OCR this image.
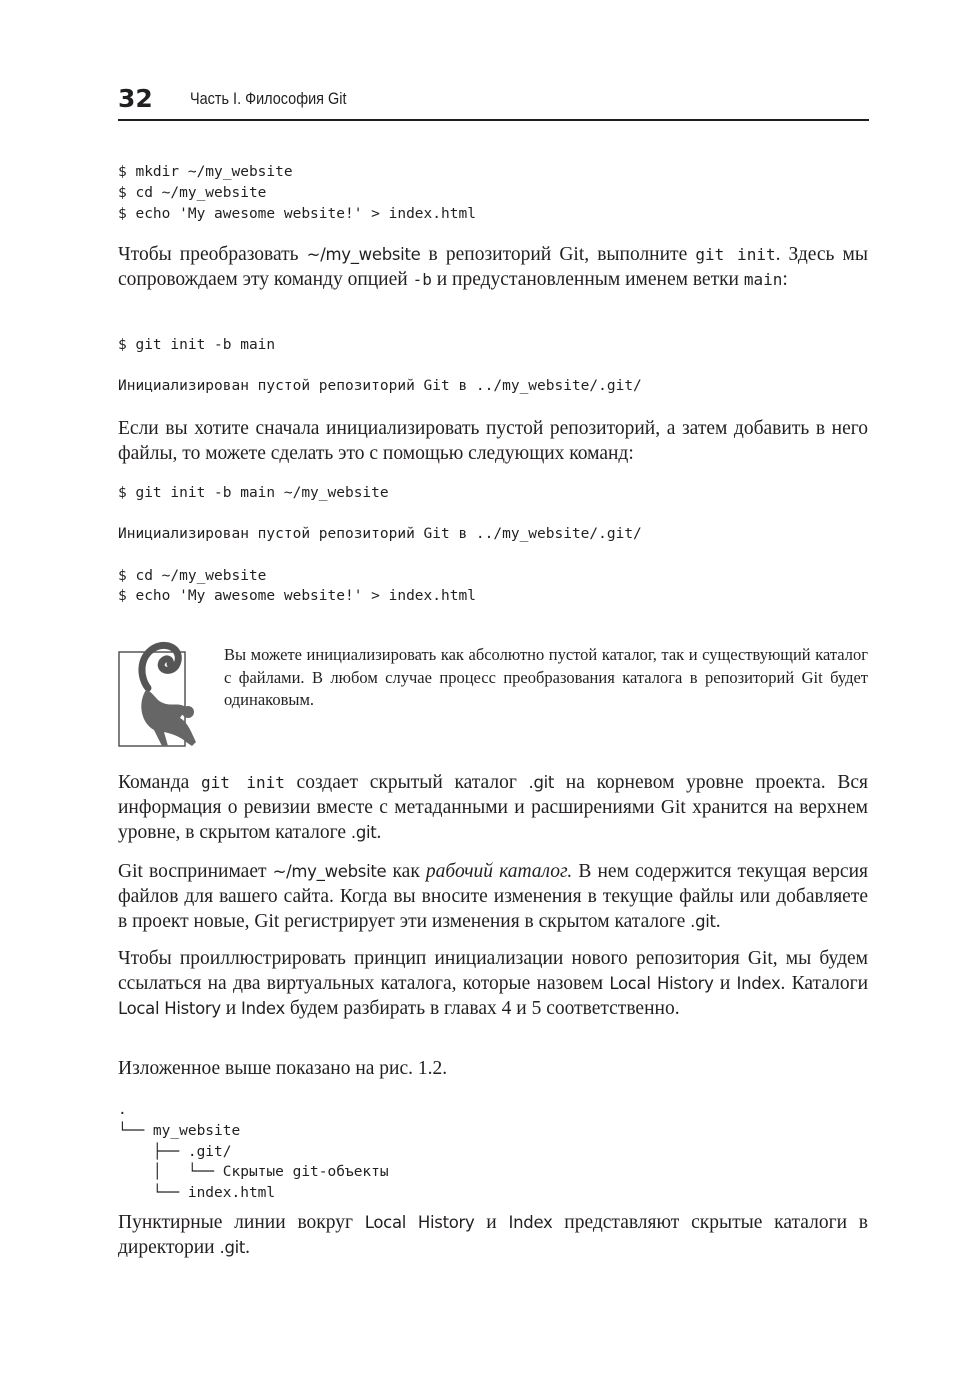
32 Часть I. Философия Git
$ mkdir ~/my_website
$ cd ~/my_website
$ echo 'My awesome website!' > index.html

Чтобы преобразовать ~/my_website в репозиторий Git, выполните git init. Здесь мы сопровождаем эту команду опцией -b и предустановленным именем ветки main:

$ git init -b main
Инициализирован пустой репозиторий Git в ../my_website/.git/

Если вы хотите сначала инициализировать пустой репозиторий, а затем добавить в него файлы, то можете сделать это с помощью следующих команд:

$ git init -b main ~/my_website
Инициализирован пустой репозиторий Git в ../my_website/.git/
$ cd ~/my_website
$ echo 'My awesome website!' > index.html

Вы можете инициализировать как абсолютно пустой каталог, так и существующий каталог с файлами. В любом случае процесс преобразования каталога в репозиторий Git будет одинаковым.

Команда git init создает скрытый каталог .git на корневом уровне проекта. Вся информация о ревизии вместе с метаданными и расширениями Git хранится на верхнем уровне, в скрытом каталоге .git.

Git воспринимает ~/my_website как рабочий каталог. В нем содержится текущая версия файлов для вашего сайта. Когда вы вносите изменения в текущие файлы или добавляете в проект новые, Git регистрирует эти изменения в скрытом каталоге .git.

Чтобы проиллюстрировать принцип инициализации нового репозитория Git, мы будем ссылаться на два виртуальных каталога, которые назовем Local History и Index. Каталоги Local History и Index будем разбирать в главах 4 и 5 соответственно.

Изложенное выше показано на рис. 1.2.

.
└── my_website
├── .git/
│   └── Скрытые git-объекты
└── index.html

Пунктирные линии вокруг Local History и Index представляют скрытые каталоги в директории .git.
